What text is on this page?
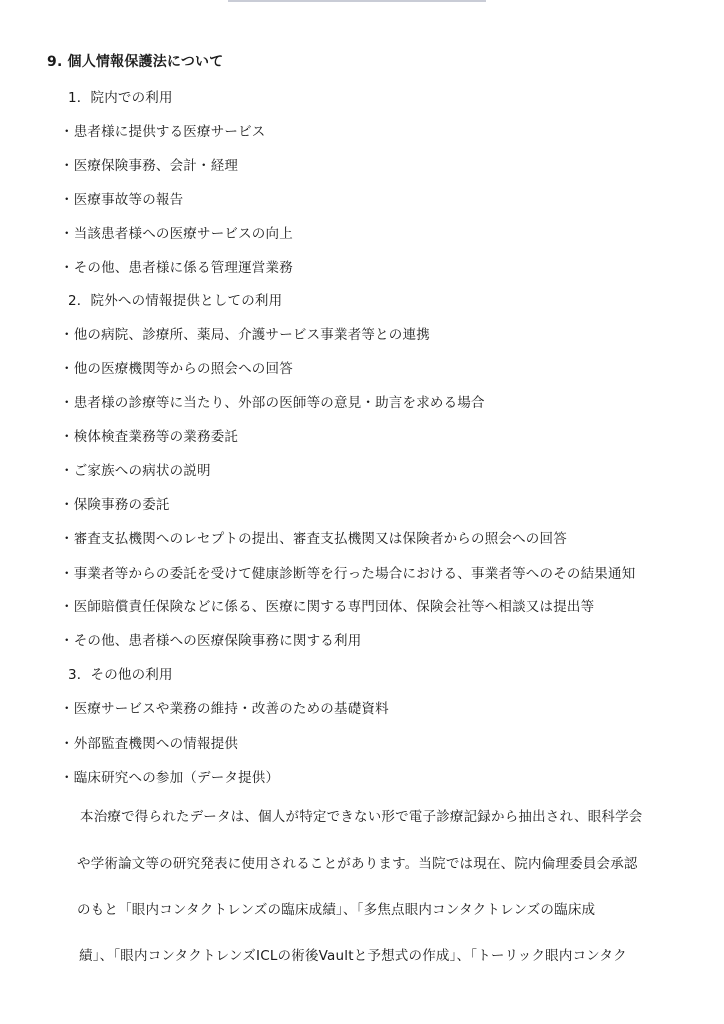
9. 個人情報保護法について
1．院内での利用
・患者様に提供する医療サービス
・医療保険事務、会計・経理
・医療事故等の報告
・当該患者様への医療サービスの向上
・その他、患者様に係る管理運営業務
2．院外への情報提供としての利用
・他の病院、診療所、薬局、介護サービス事業者等との連携
・他の医療機関等からの照会への回答
・患者様の診療等に当たり、外部の医師等の意見・助言を求める場合
・検体検査業務等の業務委託
・ご家族への病状の説明
・保険事務の委託
・審査支払機関へのレセプトの提出、審査支払機関又は保険者からの照会への回答
・事業者等からの委託を受けて健康診断等を行った場合における、事業者等へのその結果通知
・医師賠償責任保険などに係る、医療に関する専門団体、保険会社等へ相談又は提出等
・その他、患者様への医療保険事務に関する利用
3．その他の利用
・医療サービスや業務の維持・改善のための基礎資料
・外部監査機関への情報提供
・臨床研究への参加（データ提供）
本治療で得られたデータは、個人が特定できない形で電子診療記録から抽出され、眼科学会
や学術論文等の研究発表に使用されることがあります。当院では現在、院内倫理委員会承認
のもと「眼内コンタクトレンズの臨床成績」、「多焦点眼内コンタクトレンズの臨床成
績」、「眼内コンタクトレンズICLの術後Vaultと予想式の作成」、「トーリック眼内コンタク
